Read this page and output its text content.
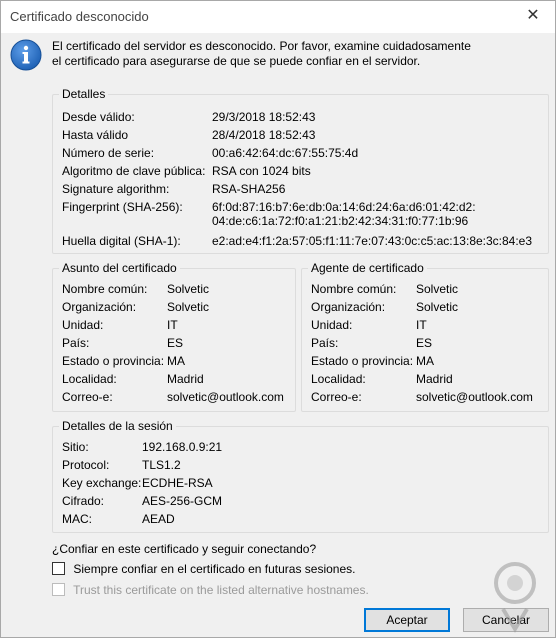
Certificado desconocido	✕
El certificado del servidor es desconocido. Por favor, examine cuidadosamente el certificado para asegurarse de que se puede confiar en el servidor.
Detalles
Desde válido:	29/3/2018 18:52:43
Hasta válido	28/4/2018 18:52:43
Número de serie:	00:a6:42:64:dc:67:55:75:4d
Algoritmo de clave pública: RSA con 1024 bits
Signature algorithm:	RSA-SHA256
Fingerprint (SHA-256): 6f:0d:87:16:b7:6e:db:0a:14:6d:24:6a:d6:01:42:d2:
04:de:c6:1a:72:f0:a1:21:b2:42:34:31:f0:77:1b:96
Huella digital (SHA-1):	e2:ad:e4:f1:2a:57:05:f1:11:7e:07:43:0c:c5:ac:13:8e:3c:84:e3
Asunto del certificado
Nombre común: Solvetic
Organización:	Solvetic
Unidad:	IT
País:	ES
Estado o provincia: MA
Localidad:	Madrid
Correo-e:	solvetic@outlook.com
Agente de certificado
Nombre común: Solvetic
Organización:	Solvetic
Unidad:	IT
País:	ES
Estado o provincia: MA
Localidad:	Madrid
Correo-e:	solvetic@outlook.com
Detalles de la sesión
Sitio:	192.168.0.9:21
Protocol:	TLS1.2
Key exchange: ECDHE-RSA
Cifrado:	AES-256-GCM
MAC:	AEAD
¿Confiar en este certificado y seguir conectando?
Siempre confiar en el certificado en futuras sesiones.
Trust this certificate on the listed alternative hostnames.
Aceptar	Cancelar
